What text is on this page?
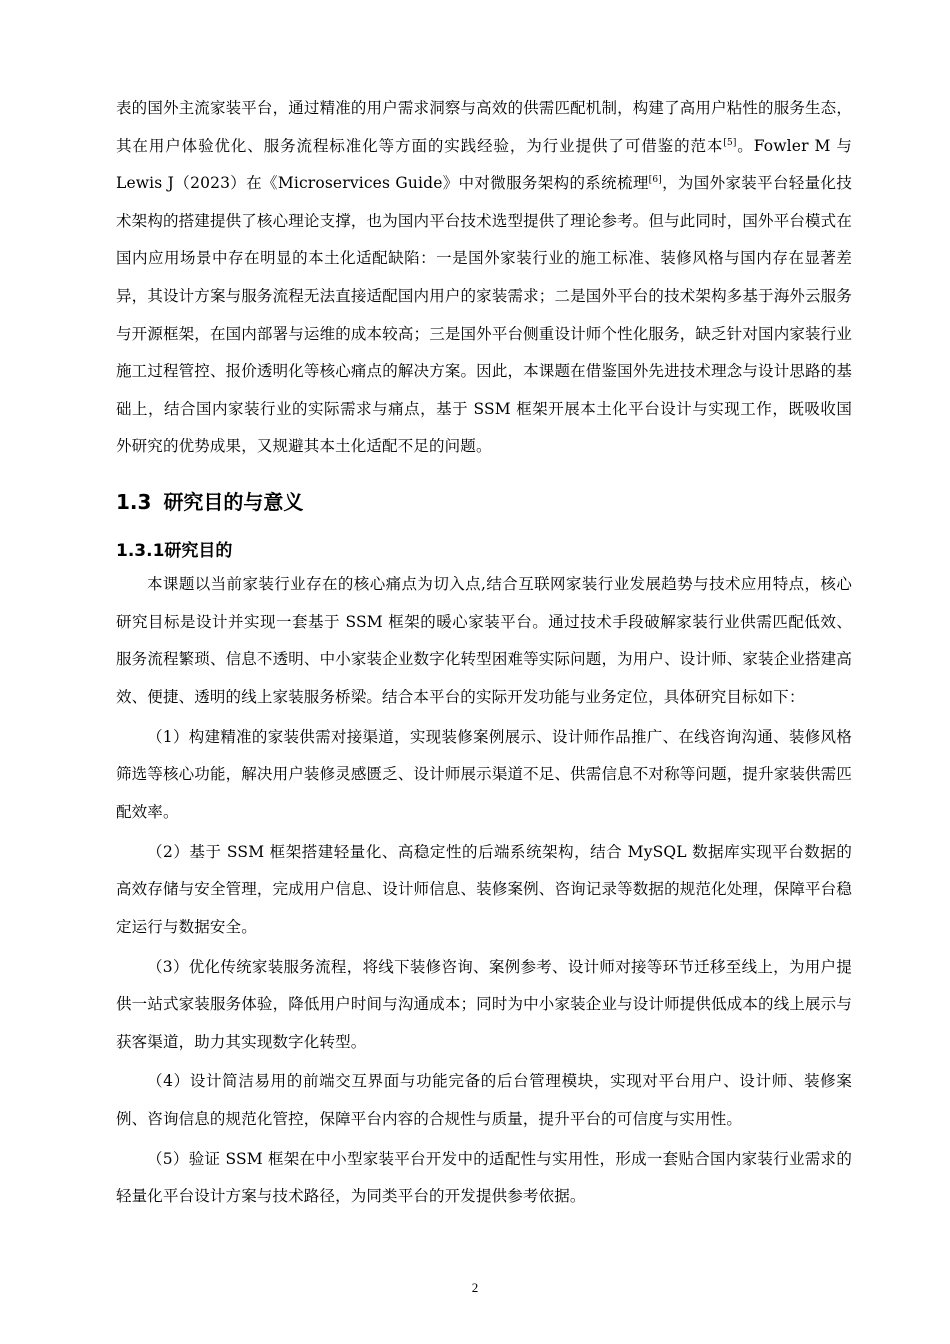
表的国外主流家装平台，通过精准的用户需求洞察与高效的供需匹配机制，构建了高用户粘性的服务生态，其在用户体验优化、服务流程标准化等方面的实践经验，为行业提供了可借鉴的范本[5]。Fowler M 与 Lewis J（2023）在《Microservices Guide》中对微服务架构的系统梳理[6]，为国外家装平台轻量化技术架构的搭建提供了核心理论支撑，也为国内平台技术选型提供了理论参考。但与此同时，国外平台模式在国内应用场景中存在明显的本土化适配缺陷：一是国外家装行业的施工标准、装修风格与国内存在显著差异，其设计方案与服务流程无法直接适配国内用户的家装需求；二是国外平台的技术架构多基于海外云服务与开源框架，在国内部署与运维的成本较高；三是国外平台侧重设计师个性化服务，缺乏针对国内家装行业施工过程管控、报价透明化等核心痛点的解决方案。因此，本课题在借鉴国外先进技术理念与设计思路的基础上，结合国内家装行业的实际需求与痛点，基于 SSM 框架开展本土化平台设计与实现工作，既吸收国外研究的优势成果，又规避其本土化适配不足的问题。

1.3 研究目的与意义
1.3.1研究目的

本课题以当前家装行业存在的核心痛点为切入点,结合互联网家装行业发展趋势与技术应用特点，核心研究目标是设计并实现一套基于 SSM 框架的暖心家装平台。通过技术手段破解家装行业供需匹配低效、服务流程繁琐、信息不透明、中小家装企业数字化转型困难等实际问题，为用户、设计师、家装企业搭建高效、便捷、透明的线上家装服务桥梁。结合本平台的实际开发功能与业务定位，具体研究目标如下：

（1）构建精准的家装供需对接渠道，实现装修案例展示、设计师作品推广、在线咨询沟通、装修风格筛选等核心功能，解决用户装修灵感匮乏、设计师展示渠道不足、供需信息不对称等问题，提升家装供需匹配效率。

（2）基于 SSM 框架搭建轻量化、高稳定性的后端系统架构，结合 MySQL 数据库实现平台数据的高效存储与安全管理，完成用户信息、设计师信息、装修案例、咨询记录等数据的规范化处理，保障平台稳定运行与数据安全。

（3）优化传统家装服务流程，将线下装修咨询、案例参考、设计师对接等环节迁移至线上，为用户提供一站式家装服务体验，降低用户时间与沟通成本；同时为中小家装企业与设计师提供低成本的线上展示与获客渠道，助力其实现数字化转型。

（4）设计简洁易用的前端交互界面与功能完备的后台管理模块，实现对平台用户、设计师、装修案例、咨询信息的规范化管控，保障平台内容的合规性与质量，提升平台的可信度与实用性。

（5）验证 SSM 框架在中小型家装平台开发中的适配性与实用性，形成一套贴合国内家装行业需求的轻量化平台设计方案与技术路径，为同类平台的开发提供参考依据。

2
